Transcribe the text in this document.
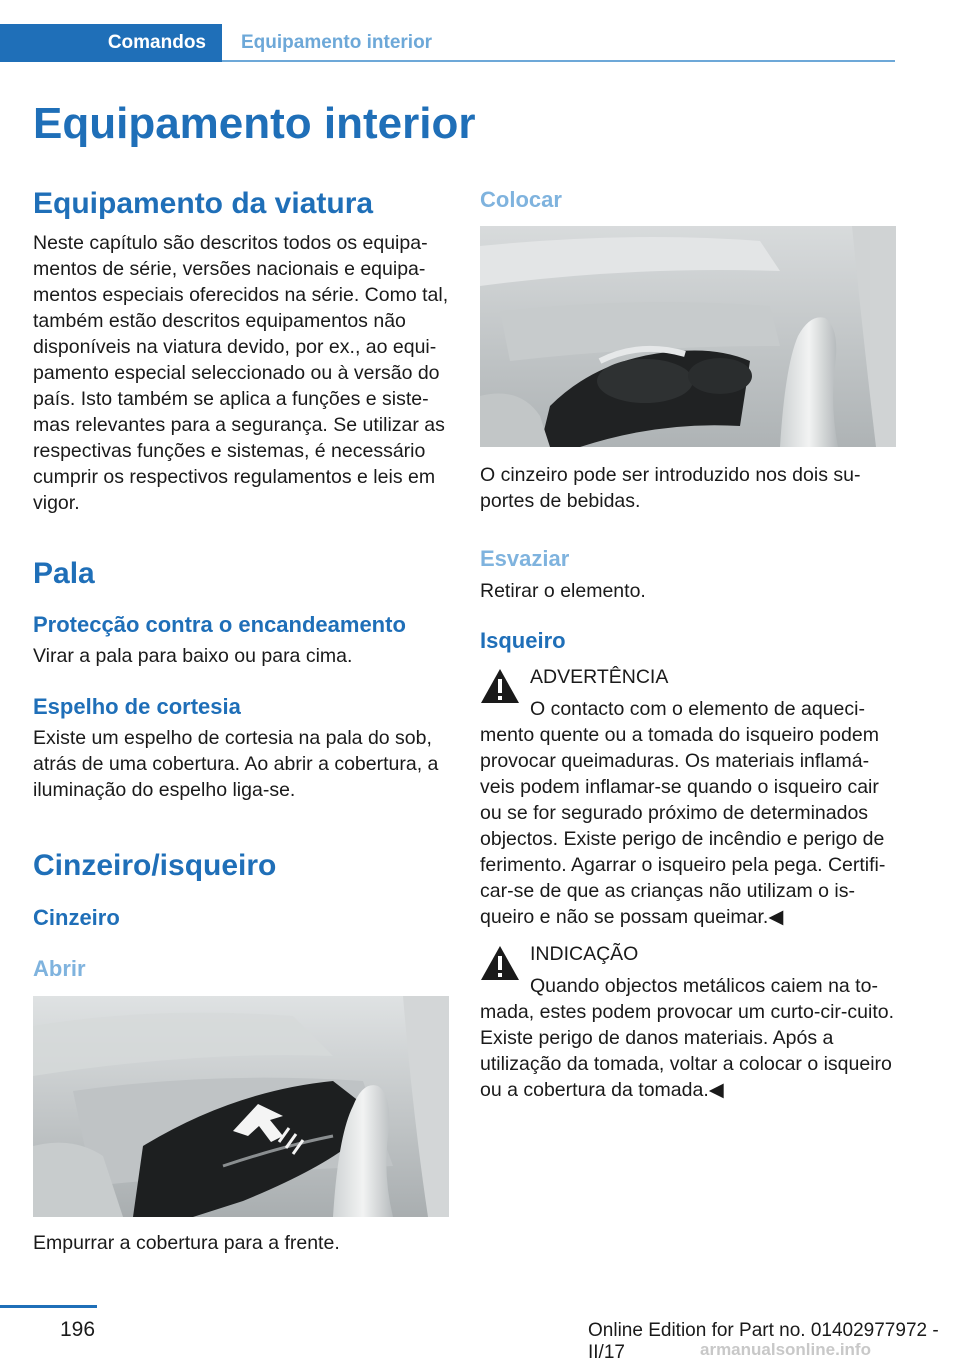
Comandos	Equipamento interior
Equipamento interior
Equipamento da viatura

Neste capítulo são descritos todos os equipa-mentos de série, versões nacionais e equipa-mentos especiais oferecidos na série. Como tal, também estão descritos equipamentos não disponíveis na viatura devido, por ex., ao equi-pamento especial seleccionado ou à versão do país. Isto também se aplica a funções e siste-mas relevantes para a segurança. Se utilizar as respectivas funções e sistemas, é necessário cumprir os respectivos regulamentos e leis em vigor.

Pala
Protecção contra o encandeamento

Virar a pala para baixo ou para cima.

Espelho de cortesia

Existe um espelho de cortesia na pala do sob, atrás de uma cobertura. Ao abrir a cobertura, a iluminação do espelho liga-se.

Cinzeiro/isqueiro
Cinzeiro
Abrir

Empurrar a cobertura para a frente.

Colocar

O cinzeiro pode ser introduzido nos dois su-portes de bebidas.

Esvaziar

Retirar o elemento.

Isqueiro
ADVERTÊNCIA

O contacto com o elemento de aqueci-mento quente ou a tomada do isqueiro podem provocar queimaduras. Os materiais inflamá-veis podem inflamar-se quando o isqueiro cair ou se for segurado próximo de determinados objectos. Existe perigo de incêndio e perigo de ferimento. Agarrar o isqueiro pela pega. Certifi-car-se de que as crianças não utilizam o is-queiro e não se possam queimar.◀

INDICAÇÃO

Quando objectos metálicos caiem na to-mada, estes podem provocar um curto-cir-cuito. Existe perigo de danos materiais. Após a utilização da tomada, voltar a colocar o isqueiro ou a cobertura da tomada.◀

196	Online Edition for Part no. 01402977972 - II/17	armanualsonline.info
